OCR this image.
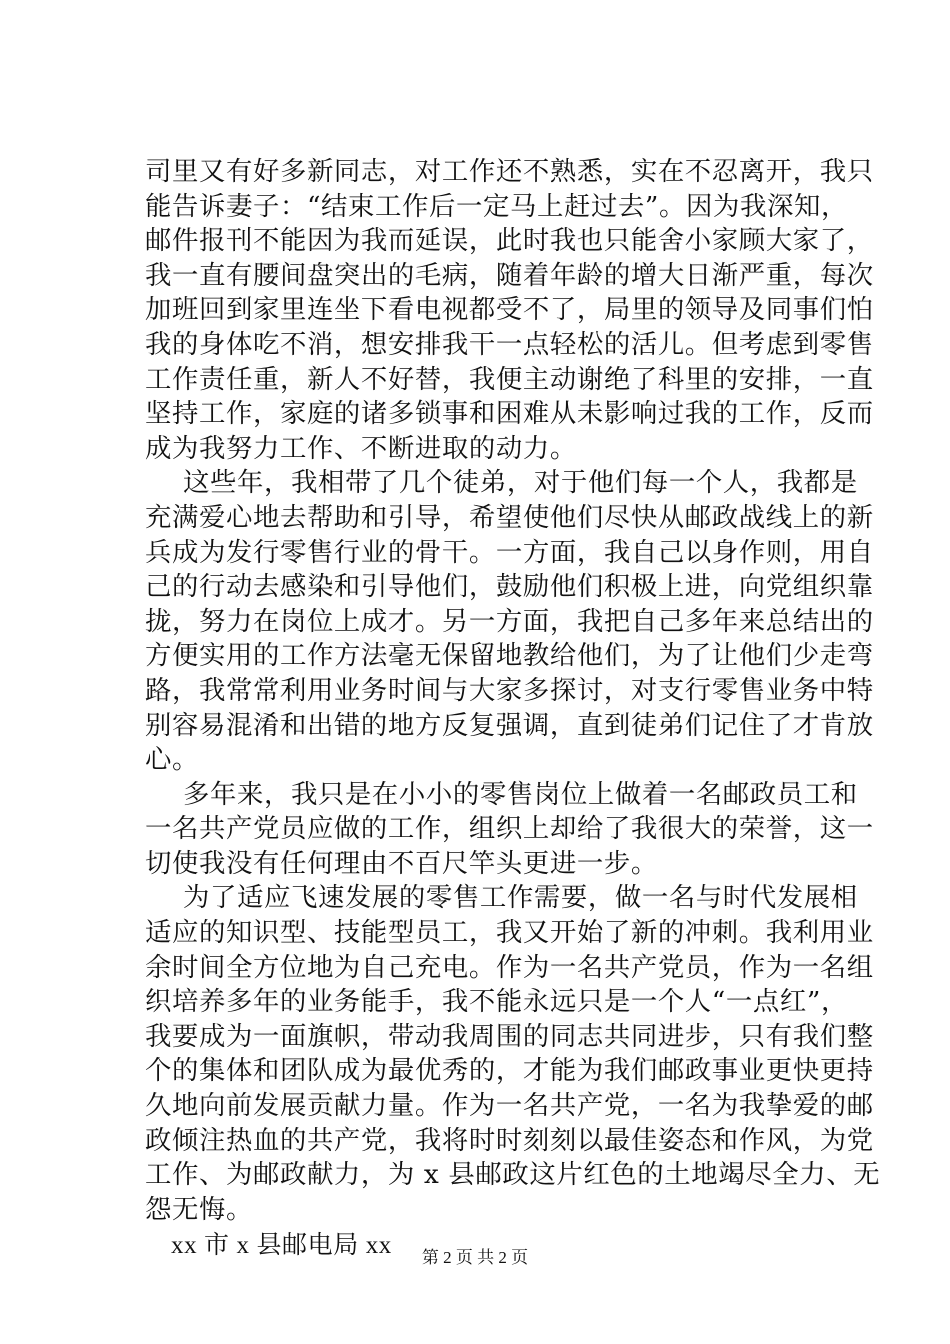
司里又有好多新同志，对工作还不熟悉，实在不忍离开，我只
能告诉妻子：“结束工作后一定马上赶过去”。因为我深知，
邮件报刊不能因为我而延误，此时我也只能舍小家顾大家了，
我一直有腰间盘突出的毛病，随着年龄的增大日渐严重，每次
加班回到家里连坐下看电视都受不了，局里的领导及同事们怕
我的身体吃不消，想安排我干一点轻松的活儿。但考虑到零售
工作责任重，新人不好替，我便主动谢绝了科里的安排，一直
坚持工作，家庭的诸多锁事和困难从未影响过我的工作，反而
成为我努力工作、不断进取的动力。
这些年，我相带了几个徒弟，对于他们每一个人，我都是
充满爱心地去帮助和引导，希望使他们尽快从邮政战线上的新
兵成为发行零售行业的骨干。一方面，我自己以身作则，用自
己的行动去感染和引导他们，鼓励他们积极上进，向党组织靠
拢，努力在岗位上成才。另一方面，我把自己多年来总结出的
方便实用的工作方法毫无保留地教给他们，为了让他们少走弯
路，我常常利用业务时间与大家多探讨，对支行零售业务中特
别容易混淆和出错的地方反复强调，直到徒弟们记住了才肯放
心。
多年来，我只是在小小的零售岗位上做着一名邮政员工和
一名共产党员应做的工作，组织上却给了我很大的荣誉，这一
切使我没有任何理由不百尺竿头更进一步。
为了适应飞速发展的零售工作需要，做一名与时代发展相
适应的知识型、技能型员工，我又开始了新的冲刺。我利用业
余时间全方位地为自己充电。作为一名共产党员，作为一名组
织培养多年的业务能手，我不能永远只是一个人“一点红”，
我要成为一面旗帜，带动我周围的同志共同进步，只有我们整
个的集体和团队成为最优秀的，才能为我们邮政事业更快更持
久地向前发展贡献力量。作为一名共产党，一名为我挚爱的邮
政倾注热血的共产党，我将时时刻刻以最佳姿态和作风，为党
工作、为邮政献力，为 x 县邮政这片红色的土地竭尽全力、无
怨无悔。
xx 市 x 县邮电局 xx	第 2 页 共 2 页
